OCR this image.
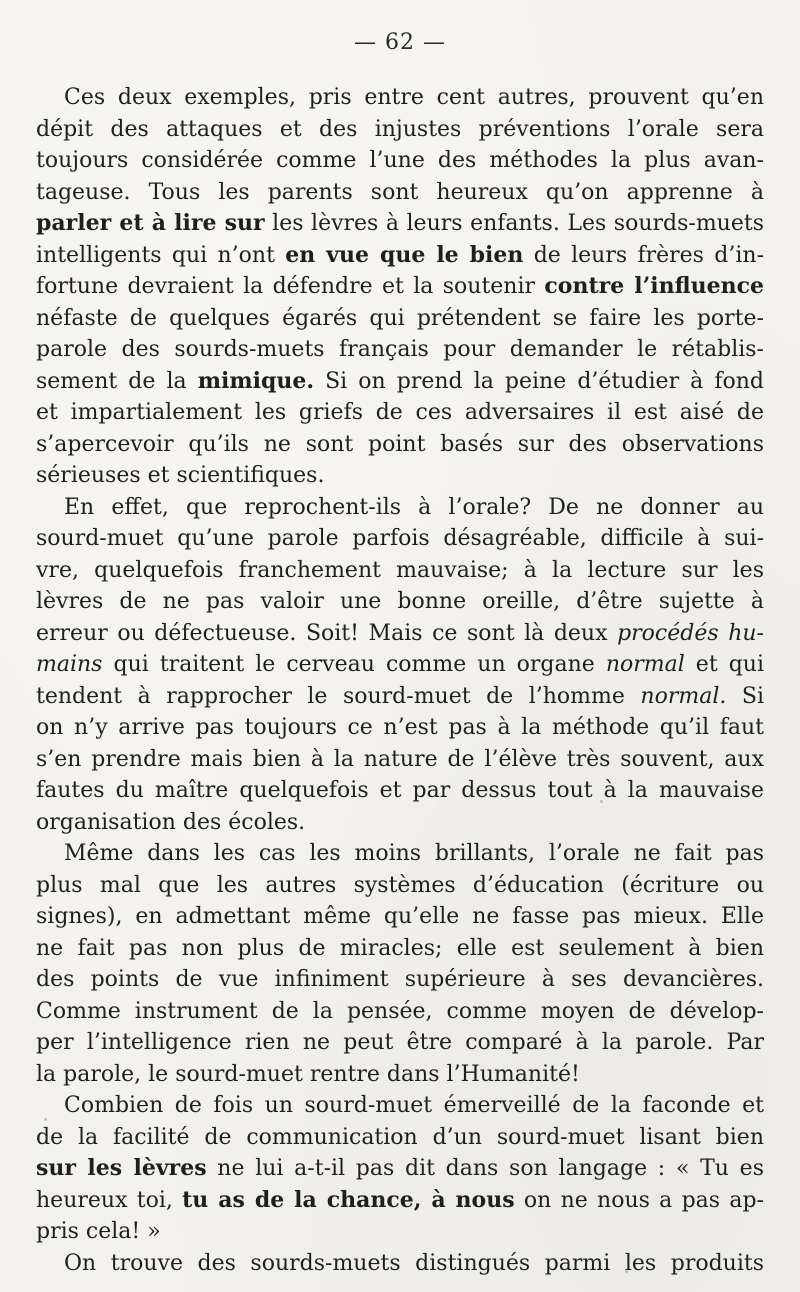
— 62 —
Ces deux exemples, pris entre cent autres, prouvent qu’en
dépit des attaques et des injustes préventions l’orale sera
toujours considérée comme l’une des méthodes la plus avan-
tageuse. Tous les parents sont heureux qu’on apprenne à
parler et à lire sur les lèvres à leurs enfants. Les sourds-muets
intelligents qui n’ont en vue que le bien de leurs frères d’in-
fortune devraient la défendre et la soutenir contre l’influence
néfaste de quelques égarés qui prétendent se faire les porte-
parole des sourds-muets français pour demander le rétablis-
sement de la mimique. Si on prend la peine d’étudier à fond
et impartialement les griefs de ces adversaires il est aisé de
s’apercevoir qu’ils ne sont point basés sur des observations
sérieuses et scientifiques.
En effet, que reprochent-ils à l’orale? De ne donner au
sourd-muet qu’une parole parfois désagréable, difficile à sui-
vre, quelquefois franchement mauvaise; à la lecture sur les
lèvres de ne pas valoir une bonne oreille, d’être sujette à
erreur ou défectueuse. Soit! Mais ce sont là deux procédés hu-
mains qui traitent le cerveau comme un organe normal et qui
tendent à rapprocher le sourd-muet de l’homme normal. Si
on n’y arrive pas toujours ce n’est pas à la méthode qu’il faut
s’en prendre mais bien à la nature de l’élève très souvent, aux
fautes du maître quelquefois et par dessus tout à la mauvaise
organisation des écoles.
Même dans les cas les moins brillants, l’orale ne fait pas
plus mal que les autres systèmes d’éducation (écriture ou
signes), en admettant même qu’elle ne fasse pas mieux. Elle
ne fait pas non plus de miracles; elle est seulement à bien
des points de vue infiniment supérieure à ses devancières.
Comme instrument de la pensée, comme moyen de dévelop-
per l’intelligence rien ne peut être comparé à la parole. Par
la parole, le sourd-muet rentre dans l’Humanité!
Combien de fois un sourd-muet émerveillé de la faconde et
de la facilité de communication d’un sourd-muet lisant bien
sur les lèvres ne lui a-t-il pas dit dans son langage : « Tu es
heureux toi, tu as de la chance, à nous on ne nous a pas ap-
pris cela! »
On trouve des sourds-muets distingués parmi les produits
